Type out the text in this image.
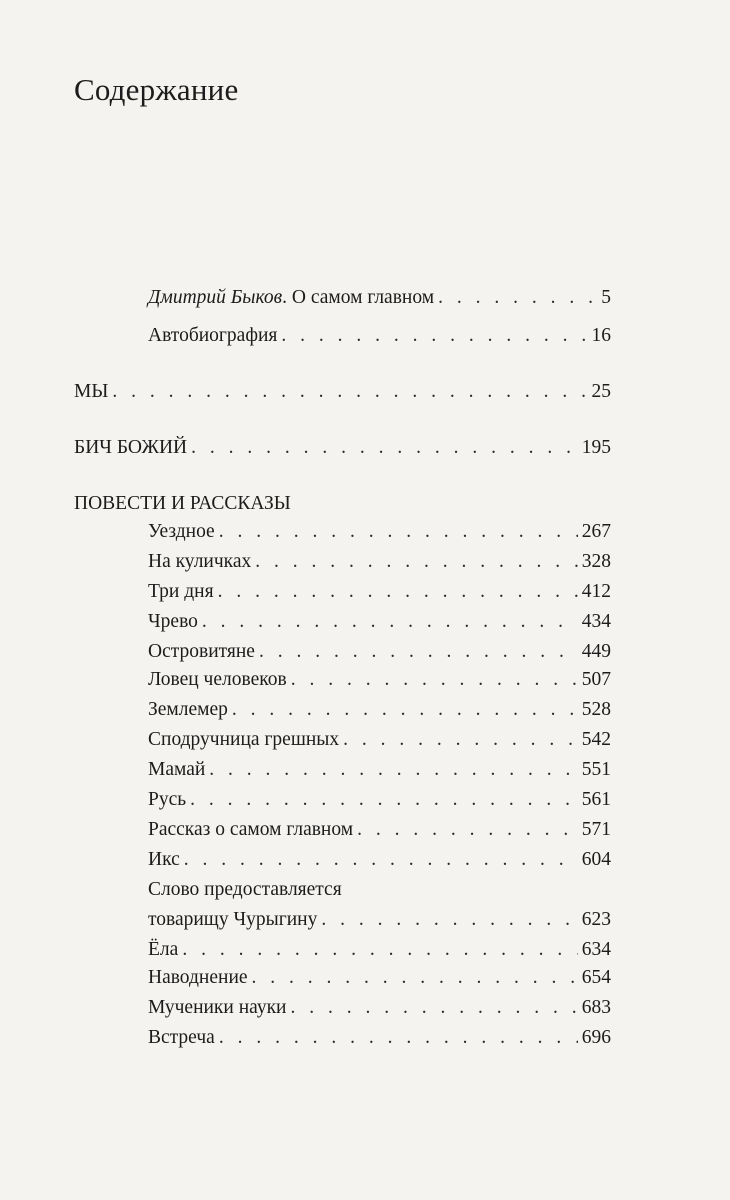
Содержание
Дмитрий Быков. О самом главном . . .	5
Автобиография . . .	16
МЫ . . .	25
БИЧ БОЖИЙ . . .	195
ПОВЕСТИ И РАССКАЗЫ
Уездное . . .	267
На куличках . . .	328
Три дня . . .	412
Чрево . . .	434
Островитяне . . .	449
Ловец человеков . . .	507
Землемер . . .	528
Сподручница грешных . . .	542
Мамай . . .	551
Русь . . .	561
Рассказ о самом главном . . .	571
Икс . . .	604
Слово предоставляется
товарищу Чурыгину . . .	623
Ёла . . .	634
Наводнение . . .	654
Мученики науки . . .	683
Встреча . . .	696
